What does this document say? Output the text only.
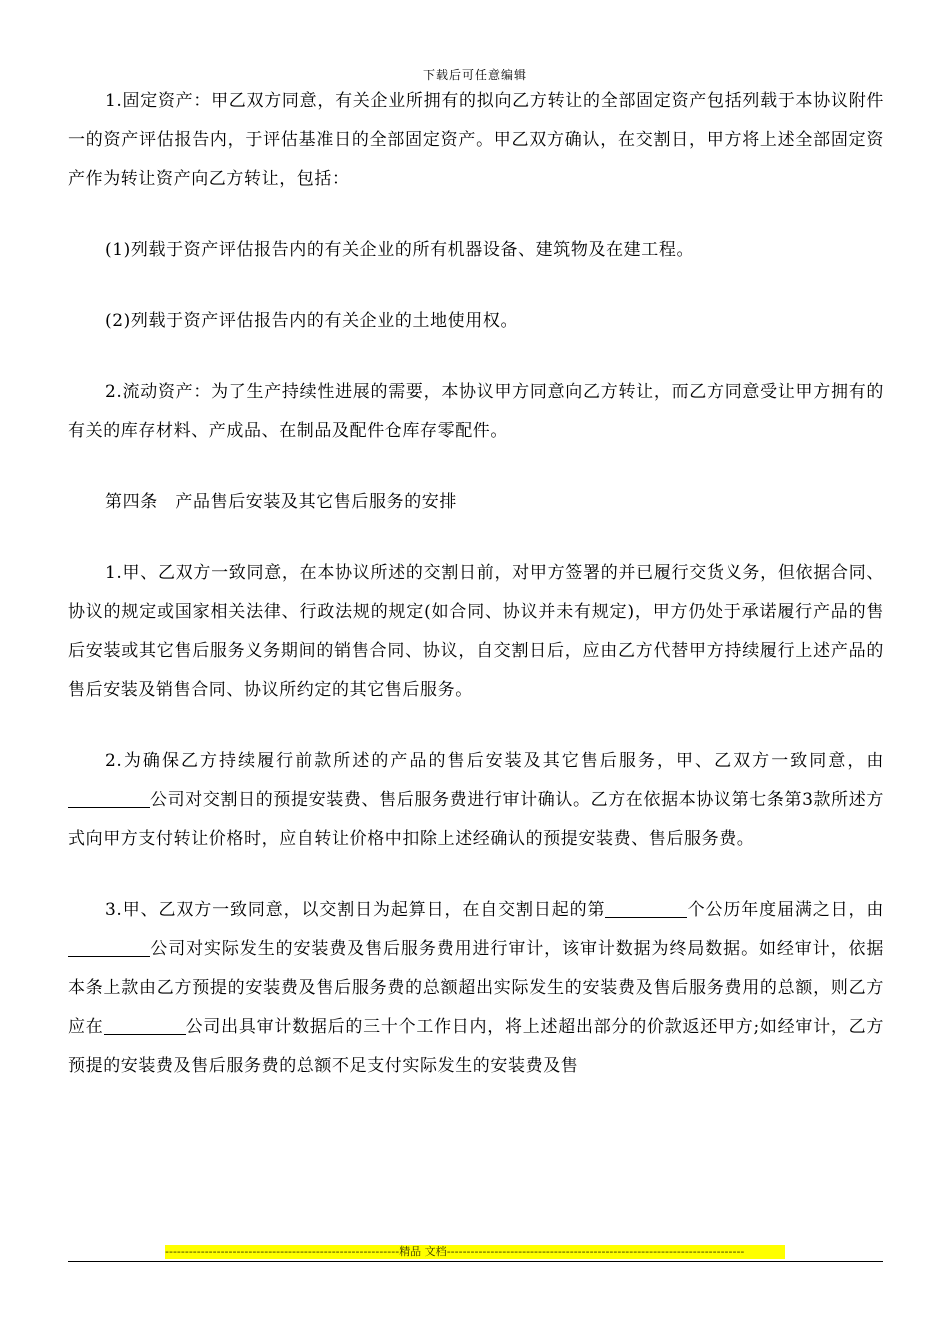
下载后可任意编辑

1.固定资产：甲乙双方同意，有关企业所拥有的拟向乙方转让的全部固定资产包括列载于本协议附件一的资产评估报告内，于评估基准日的全部固定资产。甲乙双方确认，在交割日，甲方将上述全部固定资产作为转让资产向乙方转让，包括：

(1)列载于资产评估报告内的有关企业的所有机器设备、建筑物及在建工程。

(2)列载于资产评估报告内的有关企业的土地使用权。

2.流动资产：为了生产持续性进展的需要，本协议甲方同意向乙方转让，而乙方同意受让甲方拥有的有关的库存材料、产成品、在制品及配件仓库存零配件。

第四条　产品售后安装及其它售后服务的安排

1.甲、乙双方一致同意，在本协议所述的交割日前，对甲方签署的并已履行交货义务，但依据合同、协议的规定或国家相关法律、行政法规的规定(如合同、协议并未有规定)，甲方仍处于承诺履行产品的售后安装或其它售后服务义务期间的销售合同、协议，自交割日后，应由乙方代替甲方持续履行上述产品的售后安装及销售合同、协议所约定的其它售后服务。

2.为确保乙方持续履行前款所述的产品的售后安装及其它售后服务，甲、乙双方一致同意，由公司对交割日的预提安装费、售后服务费进行审计确认。乙方在依据本协议第七条第3款所述方式向甲方支付转让价格时，应自转让价格中扣除上述经确认的预提安装费、售后服务费。

3.甲、乙双方一致同意，以交割日为起算日，在自交割日起的第	个公历年度届满之日，由公司对实际发生的安装费及售后服务费用进行审计，该审计数据为终局数据。如经审计，依据本条上款由乙方预提的安装费及售后服务费的总额超出实际发生的安装费及售后服务费用的总额，则乙方应在	公司出具审计数据后的三十个工作日内，将上述超出部分的价款返还甲方;如经审计，乙方预提的安装费及售后服务费的总额不足支付实际发生的安装费及售

-----------------------------------------------------------精品 文档---------------------------------------------------------------------------
